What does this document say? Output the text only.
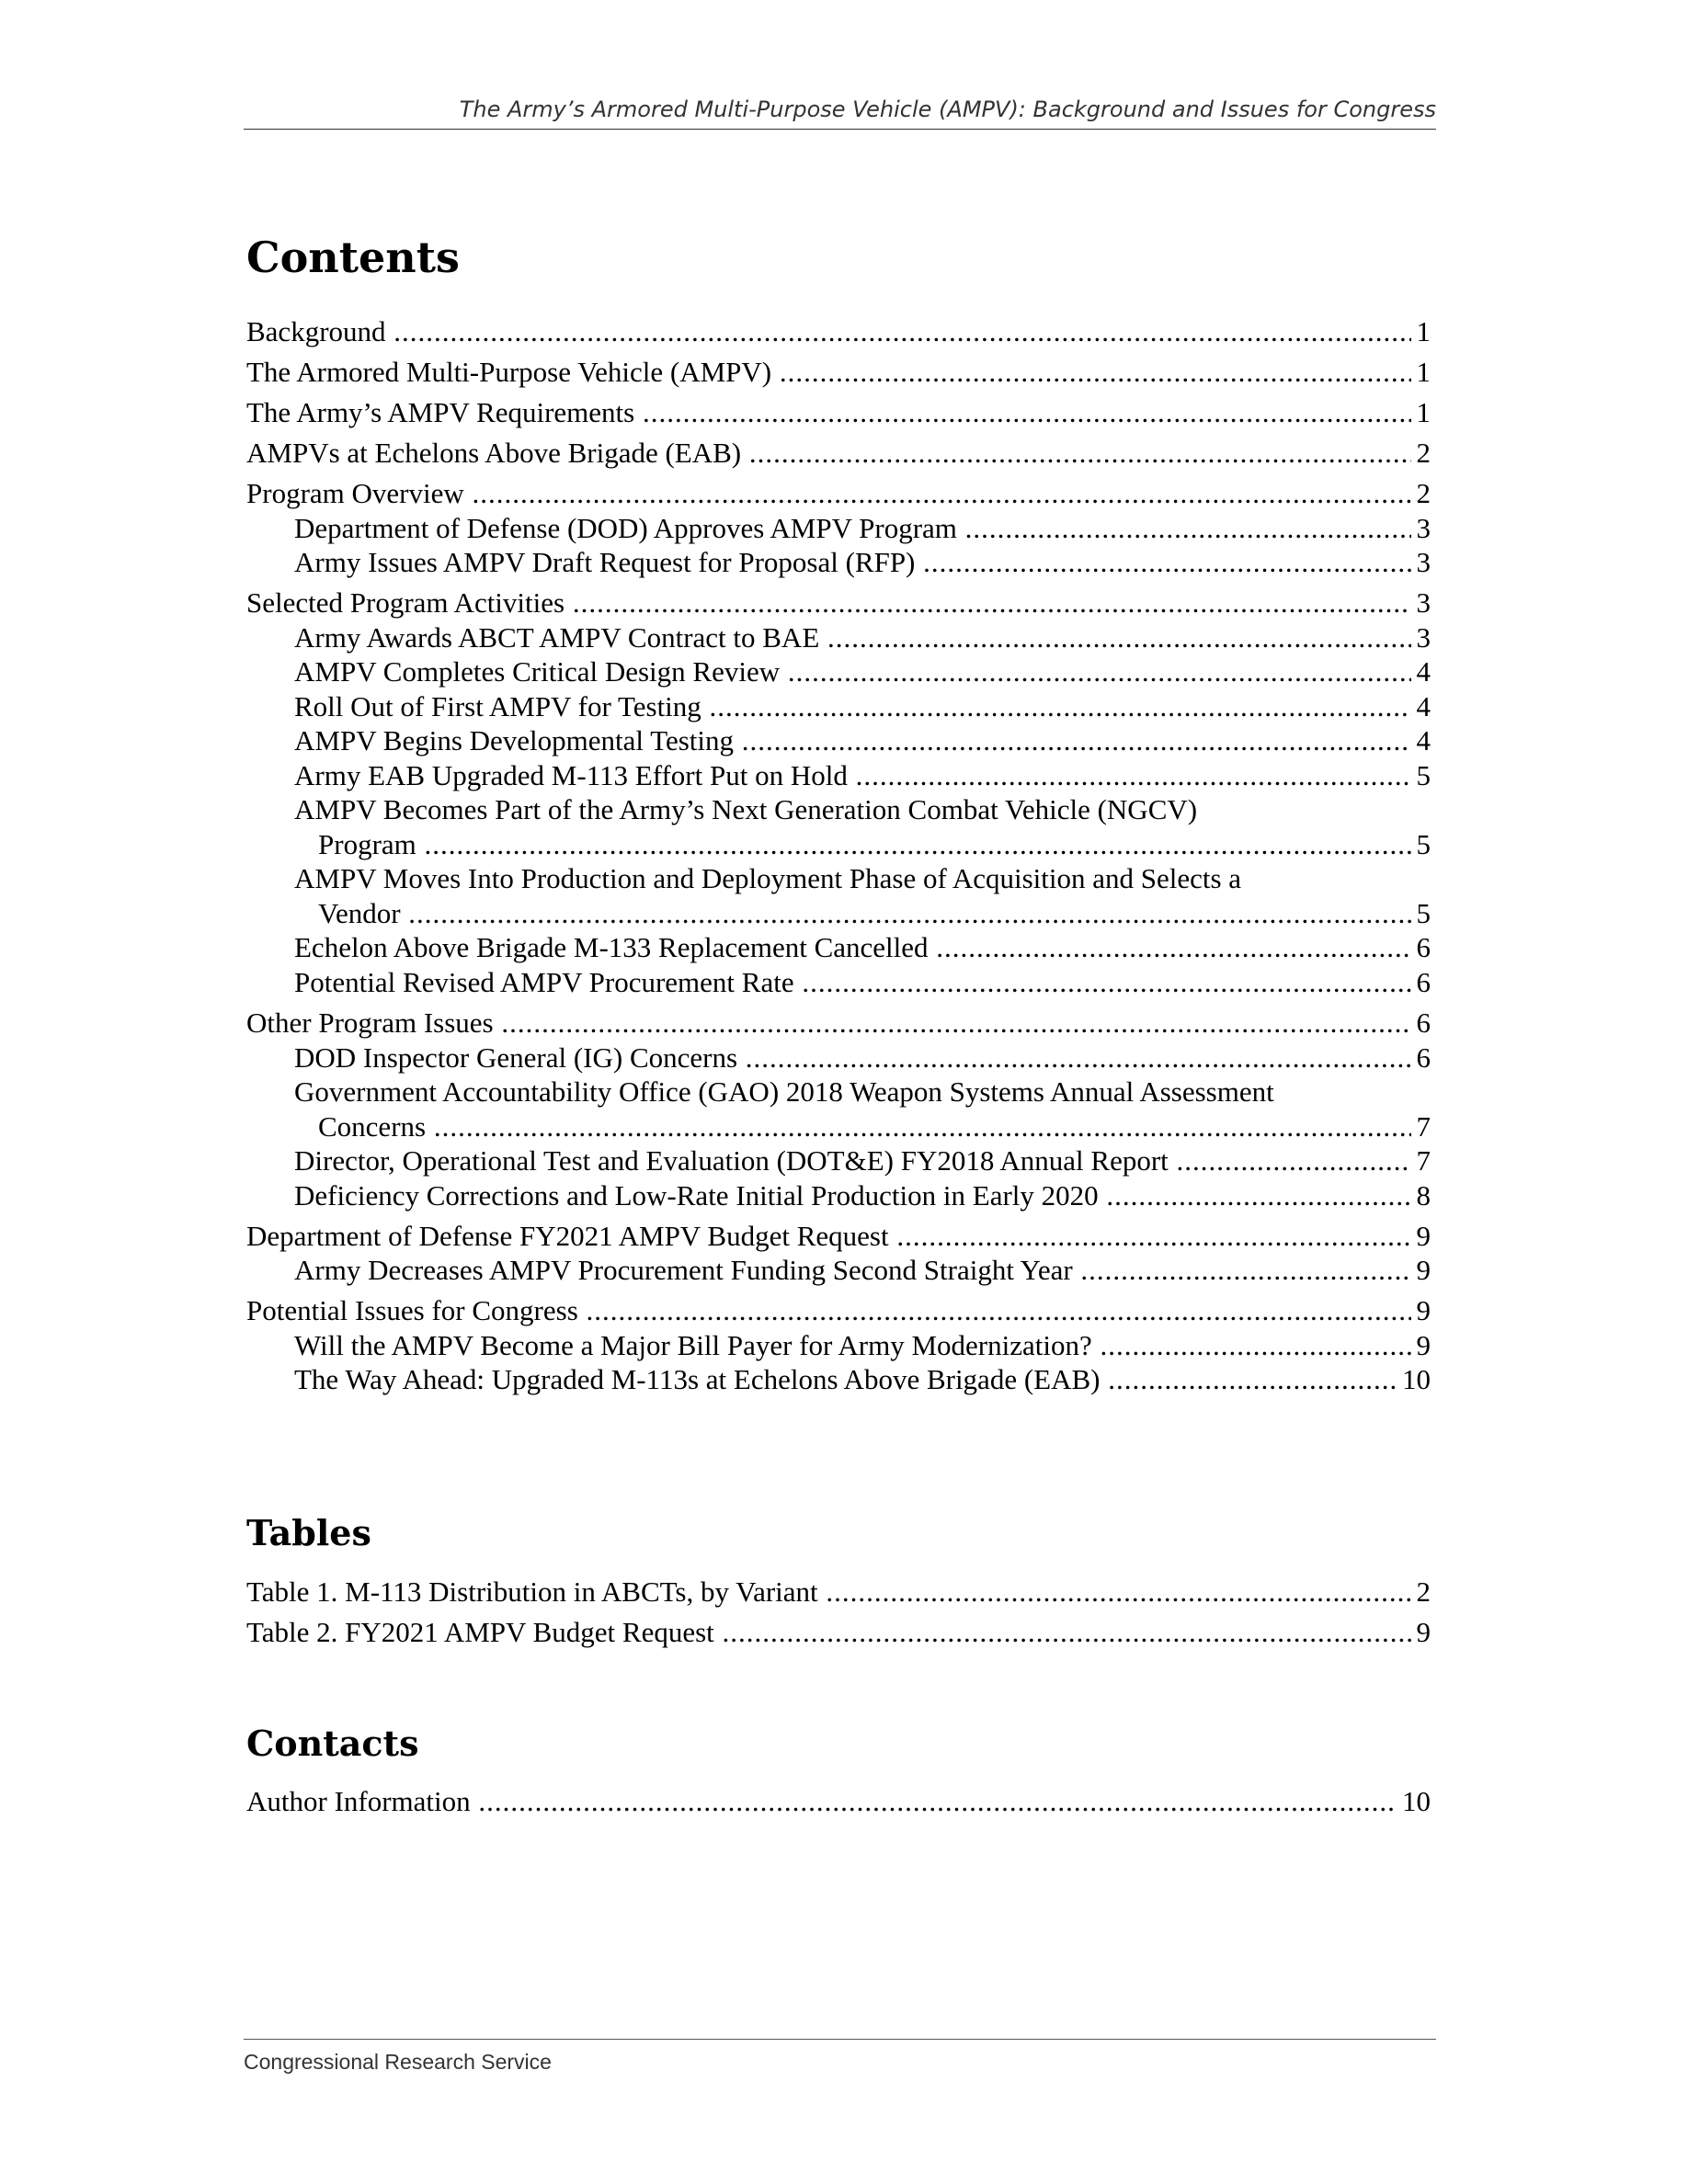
The Army’s Armored Multi-Purpose Vehicle (AMPV): Background and Issues for Congress
Contents
Background .....	1
The Armored Multi-Purpose Vehicle (AMPV) .....	1
The Army’s AMPV Requirements .....	1
AMPVs at Echelons Above Brigade (EAB) .....	2
Program Overview .....	2
Department of Defense (DOD) Approves AMPV Program .....	3
Army Issues AMPV Draft Request for Proposal (RFP) .....	3
Selected Program Activities .....	3
Army Awards ABCT AMPV Contract to BAE .....	3
AMPV Completes Critical Design Review .....	4
Roll Out of First AMPV for Testing .....	4
AMPV Begins Developmental Testing .....	4
Army EAB Upgraded M-113 Effort Put on Hold .....	5
AMPV Becomes Part of the Army’s Next Generation Combat Vehicle (NGCV)
Program .....	5
AMPV Moves Into Production and Deployment Phase of Acquisition and Selects a
Vendor .....	5
Echelon Above Brigade M-133 Replacement Cancelled .....	6
Potential Revised AMPV Procurement Rate .....	6
Other Program Issues .....	6
DOD Inspector General (IG) Concerns .....	6
Government Accountability Office (GAO) 2018 Weapon Systems Annual Assessment
Concerns .....	7
Director, Operational Test and Evaluation (DOT&E) FY2018 Annual Report .....	7
Deficiency Corrections and Low-Rate Initial Production in Early 2020 .....	8
Department of Defense FY2021 AMPV Budget Request .....	9
Army Decreases AMPV Procurement Funding Second Straight Year .....	9
Potential Issues for Congress .....	9
Will the AMPV Become a Major Bill Payer for Army Modernization? .....	9
The Way Ahead: Upgraded M-113s at Echelons Above Brigade (EAB) .....	10
Tables
Table 1. M-113 Distribution in ABCTs, by Variant .....	2
Table 2. FY2021 AMPV Budget Request .....	9
Contacts
Author Information .....	10
Congressional Research Service
